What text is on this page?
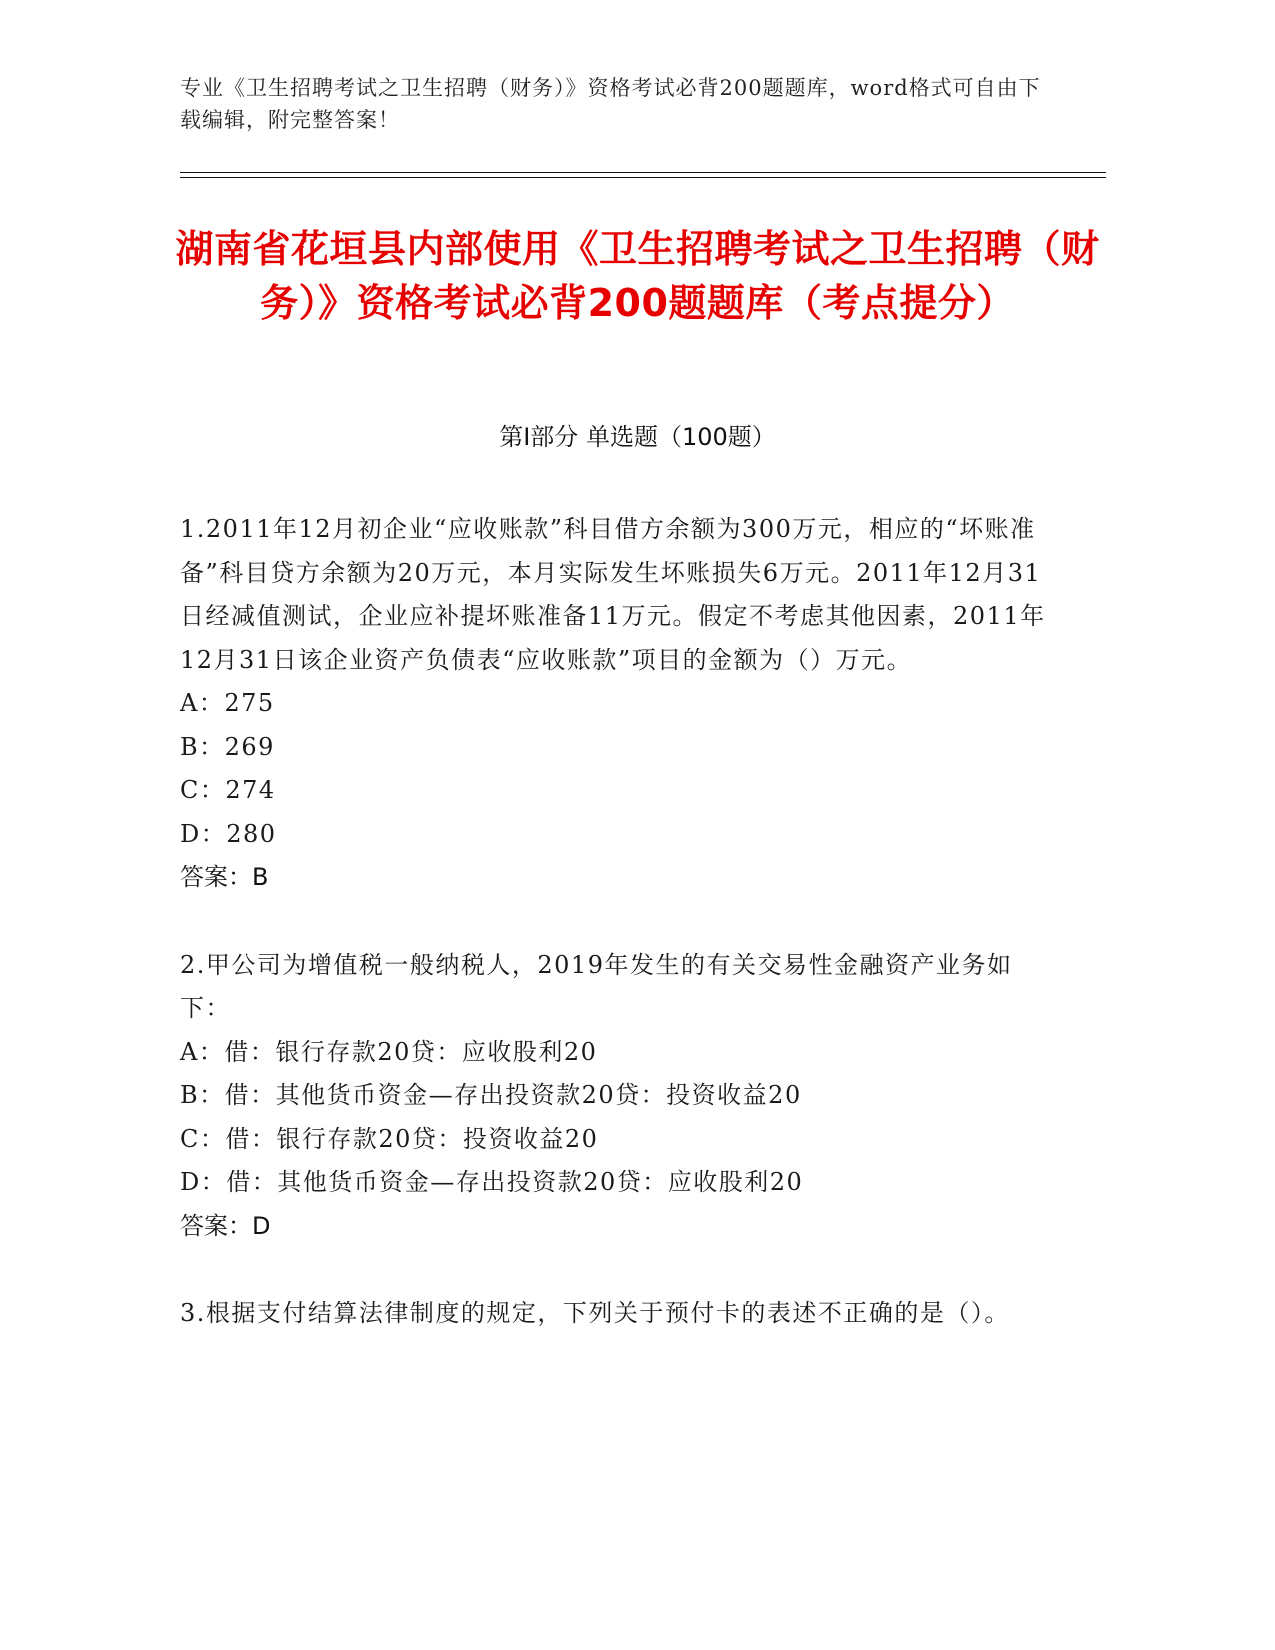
专业《卫生招聘考试之卫生招聘（财务）》资格考试必背200题题库，word格式可自由下载编辑，附完整答案！
湖南省花垣县内部使用《卫生招聘考试之卫生招聘（财务）》资格考试必背200题题库（考点提分）
第I部分 单选题（100题）

1.2011年12月初企业“应收账款”科目借方余额为300万元，相应的“坏账准备”科目贷方余额为20万元，本月实际发生坏账损失6万元。2011年12月31日经减值测试，企业应补提坏账准备11万元。假定不考虑其他因素，2011年12月31日该企业资产负债表“应收账款”项目的金额为（）万元。

A：275

B：269

C：274

D：280

答案：B

2.甲公司为增值税一般纳税人，2019年发生的有关交易性金融资产业务如下：

A：借：银行存款20贷：应收股利20

B：借：其他货币资金—存出投资款20贷：投资收益20

C：借：银行存款20贷：投资收益20

D：借：其他货币资金—存出投资款20贷：应收股利20

答案：D

3.根据支付结算法律制度的规定，下列关于预付卡的表述不正确的是（）。
